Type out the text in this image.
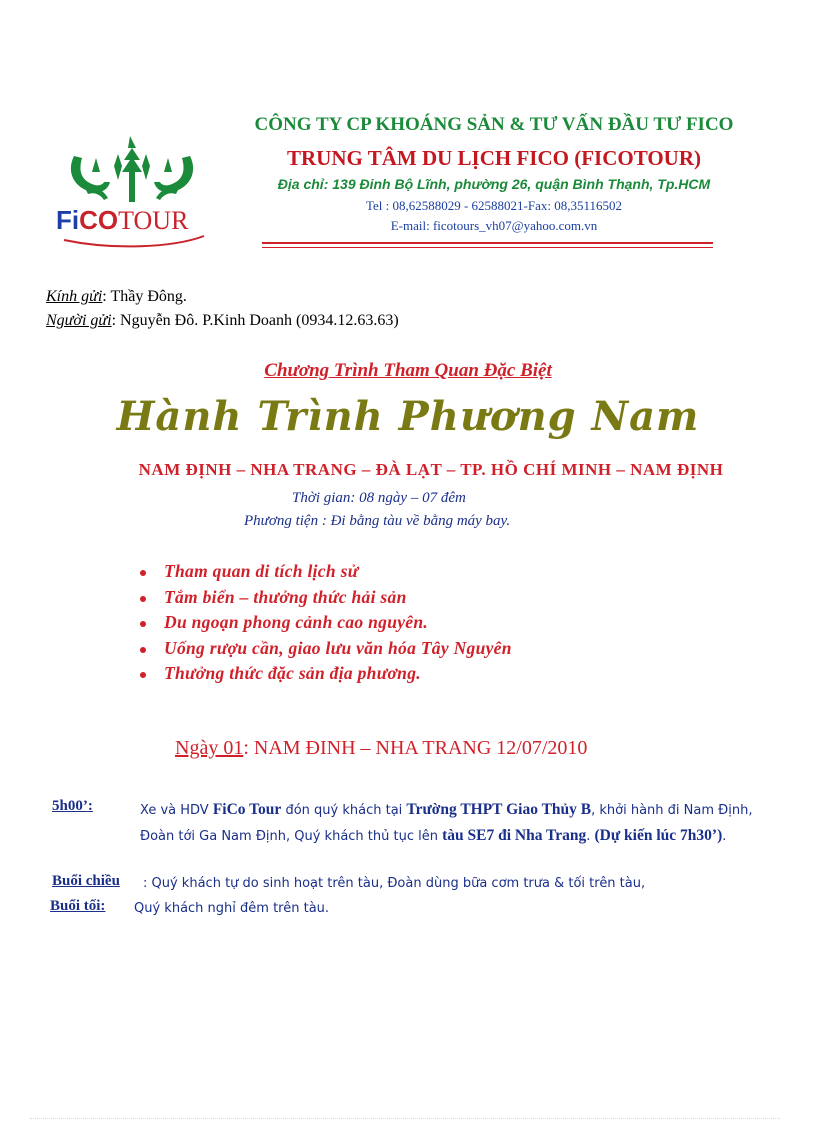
FiCOTOUR
CÔNG TY CP KHOÁNG SẢN & TƯ VẤN ĐẦU TƯ FICO
TRUNG TÂM DU LỊCH FICO (FICOTOUR)
Địa chỉ: 139 Đinh Bộ Lĩnh, phường 26, quận Bình Thạnh, Tp.HCM
Tel : 08,62588029 - 62588021-Fax: 08,35116502
E-mail: ficotours_vh07@yahoo.com.vn
Kính gửi: Thầy Đông.
Người gửi: Nguyễn Đô. P.Kinh Doanh (0934.12.63.63)
Chương Trình Tham Quan Đặc Biệt
Hành Trình Phương Nam
NAM ĐỊNH – NHA TRANG – ĐÀ LẠT – TP. HỒ CHÍ MINH – NAM ĐỊNH
Thời gian: 08 ngày – 07 đêm
Phương tiện : Đi bằng tàu về bằng máy bay.
Tham quan di tích lịch sử
Tắm biển – thưởng thức hải sản
Du ngoạn phong cảnh cao nguyên.
Uống rượu cần, giao lưu văn hóa Tây Nguyên
Thưởng thức đặc sản địa phương.
Ngày 01: NAM ĐINH – NHA TRANG 12/07/2010
5h00’:	Xe và HDV FiCo Tour đón quý khách tại Trường THPT Giao Thủy B, khởi hành đi Nam Định, Đoàn tới Ga Nam Định, Quý khách thủ tục lên tàu SE7 đi Nha Trang. (Dự kiến lúc 7h30’).
Buổi chiều : Quý khách tự do sinh hoạt trên tàu, Đoàn dùng bữa cơm trưa & tối trên tàu,
Buổi tối: Quý khách nghỉ đêm trên tàu.
